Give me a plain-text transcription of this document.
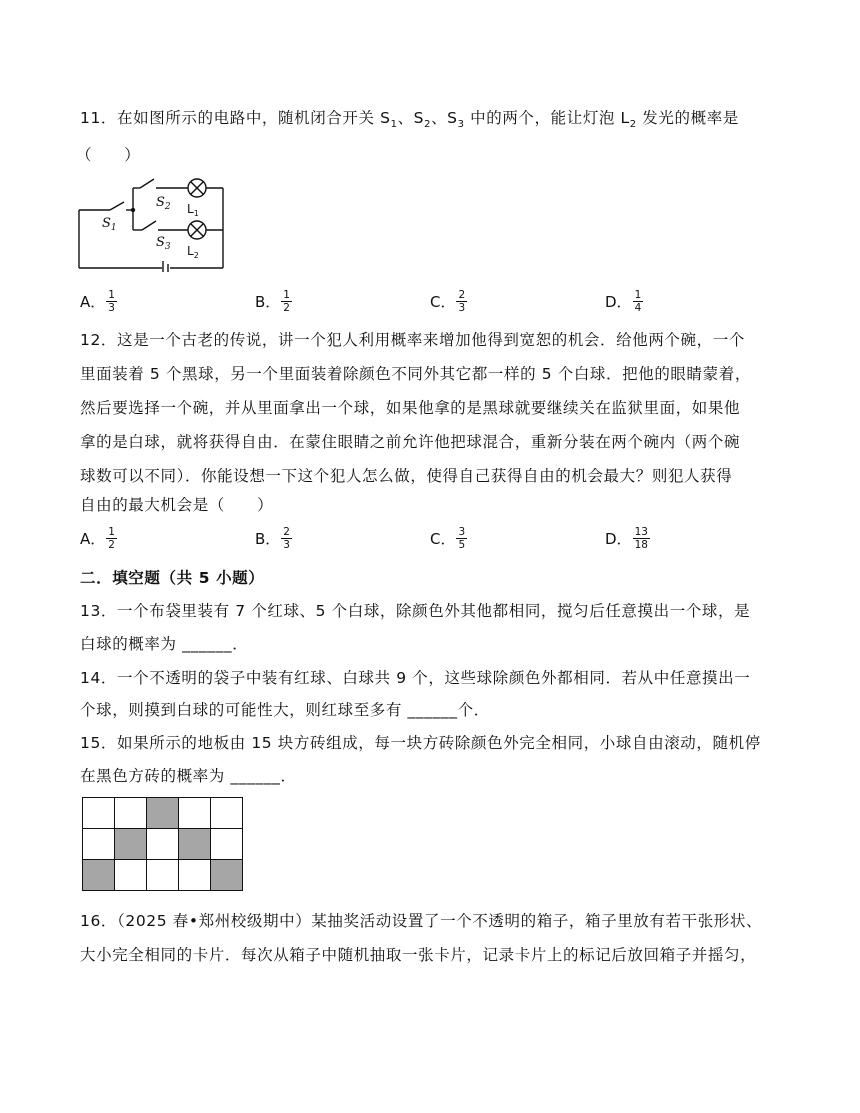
11．在如图所示的电路中，随机闭合开关 $S_1$、$S_2$、$S_3$ 中的两个，能让灯泡 $L_2$ 发光的概率是
（　　）
$S_1$
$S_2$
$S_3$
$L_1$
$L_2$
A． $\frac{1}{3}$	B． $\frac{1}{2}$	C． $\frac{2}{3}$	D． $\frac{1}{4}$
12．这是一个古老的传说，讲一个犯人利用概率来增加他得到宽恕的机会．给他两个碗，一个
里面装着 5 个黑球，另一个里面装着除颜色不同外其它都一样的 5 个白球．把他的眼睛蒙着，
然后要选择一个碗，并从里面拿出一个球，如果他拿的是黑球就要继续关在监狱里面，如果他
拿的是白球，就将获得自由．在蒙住眼睛之前允许他把球混合，重新分装在两个碗内（两个碗
球数可以不同）．你能设想一下这个犯人怎么做，使得自己获得自由的机会最大？则犯人获得
自由的最大机会是（　　）
A． $\frac{1}{2}$	B． $\frac{2}{3}$	C． $\frac{3}{5}$	D． $\frac{13}{18}$
二．填空题（共 5 小题）
13．一个布袋里装有 7 个红球、5 个白球，除颜色外其他都相同，搅匀后任意摸出一个球，是
白球的概率为 ______．
14．一个不透明的袋子中装有红球、白球共 9 个，这些球除颜色外都相同．若从中任意摸出一
个球，则摸到白球的可能性大，则红球至多有 ______个．
15．如果所示的地板由 15 块方砖组成，每一块方砖除颜色外完全相同，小球自由滚动，随机停
在黑色方砖的概率为 ______．

16．（2025 春•郑州校级期中）某抽奖活动设置了一个不透明的箱子，箱子里放有若干张形状、
大小完全相同的卡片．每次从箱子中随机抽取一张卡片，记录卡片上的标记后放回箱子并摇匀，
